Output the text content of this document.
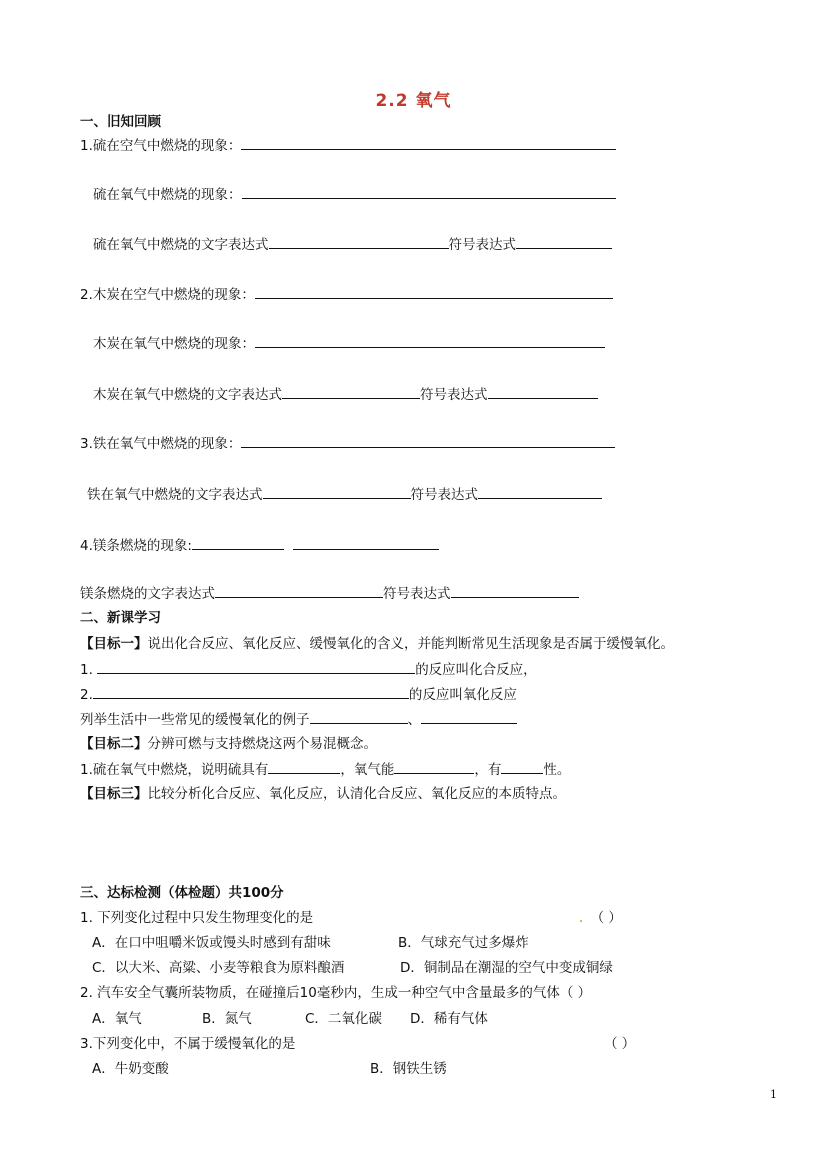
2.2 氧气
一、旧知回顾
1.硫在空气中燃烧的现象：
硫在氧气中燃烧的现象：
硫在氧气中燃烧的文字表达式	符号表达式
2.木炭在空气中燃烧的现象：
木炭在氧气中燃烧的现象：
木炭在氧气中燃烧的文字表达式	符号表达式
3.铁在氧气中燃烧的现象：
铁在氧气中燃烧的文字表达式	符号表达式
4.镁条燃烧的现象:
镁条燃烧的文字表达式	符号表达式
二、新课学习
【目标一】说出化合反应、氧化反应、缓慢氧化的含义，并能判断常见生活现象是否属于缓慢氧化。
1.	的反应叫化合反应，
2.	的反应叫氧化反应
列举生活中一些常见的缓慢氧化的例子	、
【目标二】分辨可燃与支持燃烧这两个易混概念。
1.硫在氧气中燃烧，说明硫具有	，氧气能	，有	性。
【目标三】比较分析化合反应、氧化反应，认清化合反应、氧化反应的本质特点。
三、达标检测（体检题）共100分
1. 下列变化过程中只发生物理变化的是	（ ）
A．在口中咀嚼米饭或馒头时感到有甜味	B．气球充气过多爆炸
C．以大米、高粱、小麦等粮食为原料酿酒	D．铜制品在潮湿的空气中变成铜绿
2. 汽车安全气囊所装物质，在碰撞后10毫秒内，生成一种空气中含量最多的气体（ ）
A．氧气	B．氮气	C．二氧化碳 D．稀有气体
3.下列变化中，不属于缓慢氧化的是	（ ）
A．牛奶变酸	B．钢铁生锈
1
